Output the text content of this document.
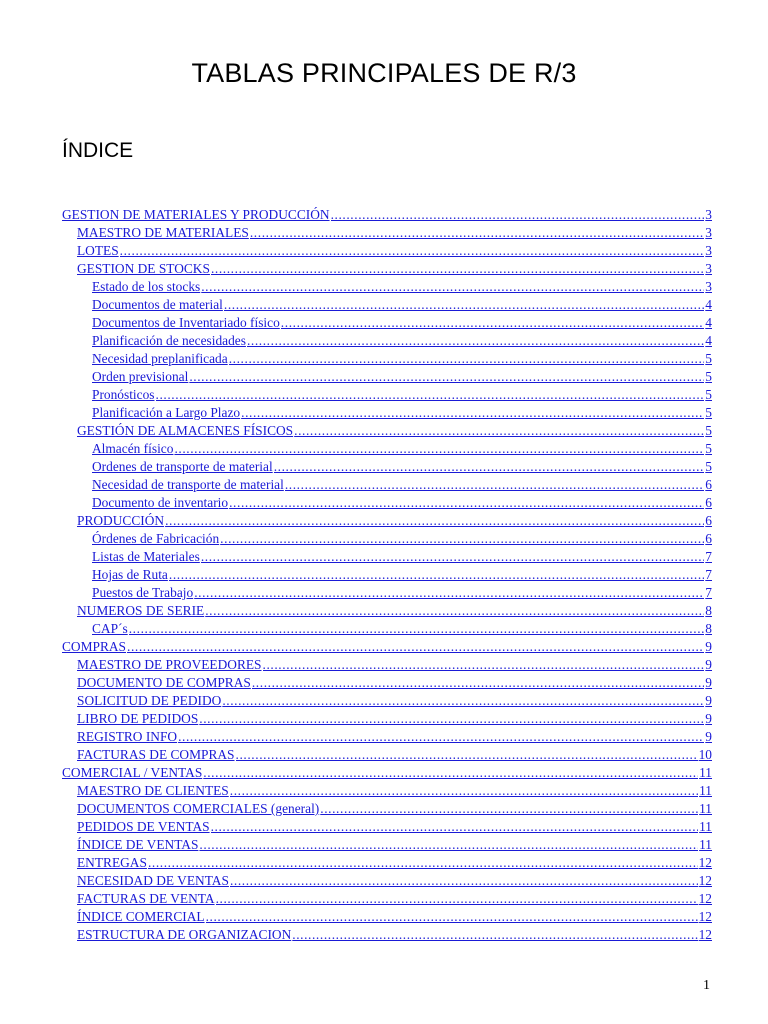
TABLAS PRINCIPALES DE R/3
ÍNDICE
GESTION DE MATERIALES Y PRODUCCIÓN .....	3
MAESTRO DE MATERIALES .....	3
LOTES .....	3
GESTION DE STOCKS .....	3
Estado de los stocks .....	3
Documentos de material .....	4
Documentos de Inventariado físico .....	4
Planificación de necesidades .....	4
Necesidad preplanificada .....	5
Orden previsional .....	5
Pronósticos .....	5
Planificación a Largo Plazo .....	5
GESTIÓN DE ALMACENES FÍSICOS .....	5
Almacén físico .....	5
Ordenes de transporte de material .....	5
Necesidad de transporte de material .....	6
Documento de inventario .....	6
PRODUCCIÓN .....	6
Órdenes de Fabricación .....	6
Listas de Materiales .....	7
Hojas de Ruta .....	7
Puestos de Trabajo .....	7
NUMEROS DE SERIE .....	8
CAP´s .....	8
COMPRAS .....	9
MAESTRO DE PROVEEDORES .....	9
DOCUMENTO DE COMPRAS .....	9
SOLICITUD DE PEDIDO .....	9
LIBRO DE PEDIDOS .....	9
REGISTRO INFO .....	9
FACTURAS DE COMPRAS .....	10
COMERCIAL / VENTAS .....	11
MAESTRO DE CLIENTES .....	11
DOCUMENTOS COMERCIALES (general) .....	11
PEDIDOS DE VENTAS .....	11
ÍNDICE DE VENTAS .....	11
ENTREGAS .....	12
NECESIDAD DE VENTAS .....	12
FACTURAS DE VENTA .....	12
ÍNDICE COMERCIAL .....	12
ESTRUCTURA DE ORGANIZACION .....	12
1
